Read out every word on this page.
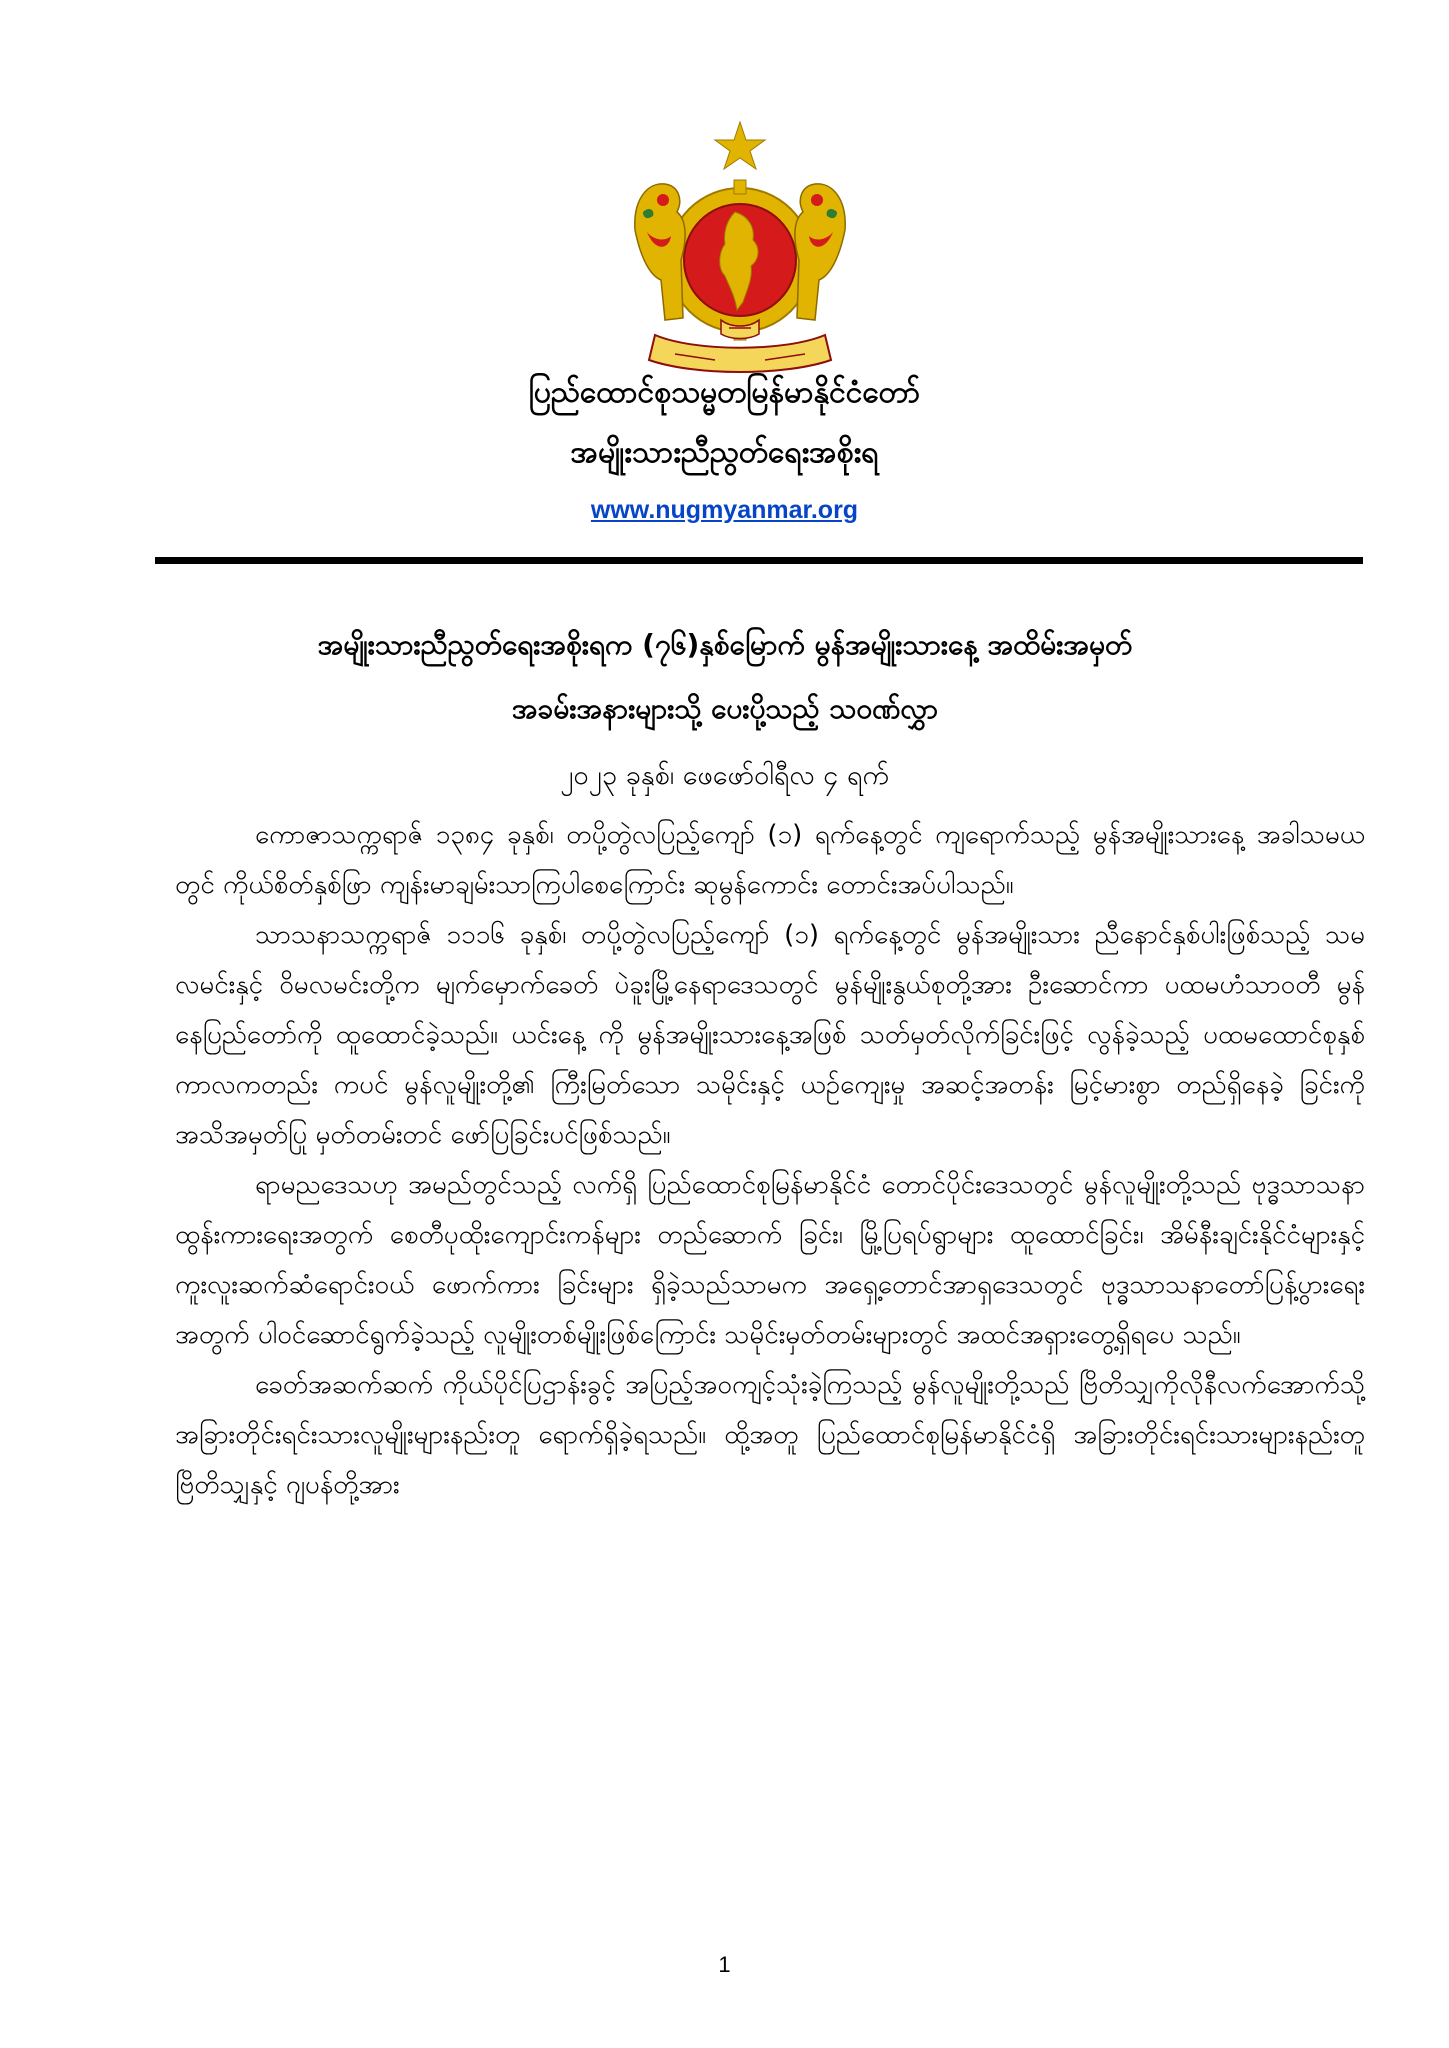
ပြည်ထောင်စုသမ္မတမြန်မာနိုင်ငံတော်
အမျိုးသားညီညွတ်ရေးအစိုးရ
www.nugmyanmar.org
အမျိုးသားညီညွတ်ရေးအစိုးရက (၇၆)နှစ်မြောက် မွန်အမျိုးသားနေ့ အထိမ်းအမှတ်
အခမ်းအနားများသို့ ပေးပို့သည့် သဝဏ်လွှာ
၂၀၂၃ ခုနှစ်၊ ဖေဖော်ဝါရီလ ၄ ရက်

ကောဇာသက္ကရာဇ် ၁၃၈၄ ခုနှစ်၊ တပို့တွဲလပြည့်ကျော် (၁) ရက်နေ့တွင် ကျရောက်သည့် မွန်အမျိုးသားနေ့ အခါသမယတွင် ကိုယ်စိတ်နှစ်ဖြာ ကျန်းမာချမ်းသာကြပါစေကြောင်း ဆုမွန်ကောင်း တောင်းအပ်ပါသည်။

သာသနာသက္ကရာဇ် ၁၁၁၆ ခုနှစ်၊ တပို့တွဲလပြည့်ကျော် (၁) ရက်နေ့တွင် မွန်အမျိုးသား ညီနောင်နှစ်ပါးဖြစ်သည့် သမလမင်းနှင့် ဝိမလမင်းတို့က မျက်မှောက်ခေတ် ပဲခူးမြို့နေရာဒေသတွင် မွန်မျိုးနွယ်စုတို့အား ဦးဆောင်ကာ ပထမဟံသာဝတီ မွန်နေပြည်တော်ကို ထူထောင်ခဲ့သည်။ ယင်းနေ့ ကို မွန်အမျိုးသားနေ့အဖြစ် သတ်မှတ်လိုက်ခြင်းဖြင့် လွန်ခဲ့သည့် ပထမထောင်စုနှစ် ကာလကတည်း ကပင် မွန်လူမျိုးတို့၏ ကြီးမြတ်သော သမိုင်းနှင့် ယဉ်ကျေးမှု အဆင့်အတန်း မြင့်မားစွာ တည်ရှိနေခဲ့ ခြင်းကို အသိအမှတ်ပြု မှတ်တမ်းတင် ဖော်ပြခြင်းပင်ဖြစ်သည်။

ရာမညဒေသဟု အမည်တွင်သည့် လက်ရှိ ပြည်ထောင်စုမြန်မာနိုင်ငံ တောင်ပိုင်းဒေသတွင် မွန်လူမျိုးတို့သည် ဗုဒ္ဓသာသနာ ထွန်းကားရေးအတွက် စေတီပုထိုးကျောင်းကန်များ တည်ဆောက် ခြင်း၊ မြို့ပြရပ်ရွာများ ထူထောင်ခြင်း၊ အိမ်နီးချင်းနိုင်ငံများနှင့် ကူးလူးဆက်ဆံရောင်းဝယ် ဖောက်ကား ခြင်းများ ရှိခဲ့သည်သာမက အရှေ့တောင်အာရှဒေသတွင် ဗုဒ္ဓသာသနာတော်ပြန့်ပွားရေး အတွက် ပါဝင်ဆောင်ရွက်ခဲ့သည့် လူမျိုးတစ်မျိုးဖြစ်ကြောင်း သမိုင်းမှတ်တမ်းများတွင် အထင်အရှားတွေ့ရှိရပေ သည်။

ခေတ်အဆက်ဆက် ကိုယ်ပိုင်ပြဌာန်းခွင့် အပြည့်အဝကျင့်သုံးခဲ့ကြသည့် မွန်လူမျိုးတို့သည် ဗြိတိသျှကိုလိုနီလက်အောက်သို့ အခြားတိုင်းရင်းသားလူမျိုးများနည်းတူ ရောက်ရှိခဲ့ရသည်။ ထို့အတူ ပြည်ထောင်စုမြန်မာနိုင်ငံရှိ အခြားတိုင်းရင်းသားများနည်းတူ ဗြိတိသျှနှင့် ဂျပန်တို့အား

1
